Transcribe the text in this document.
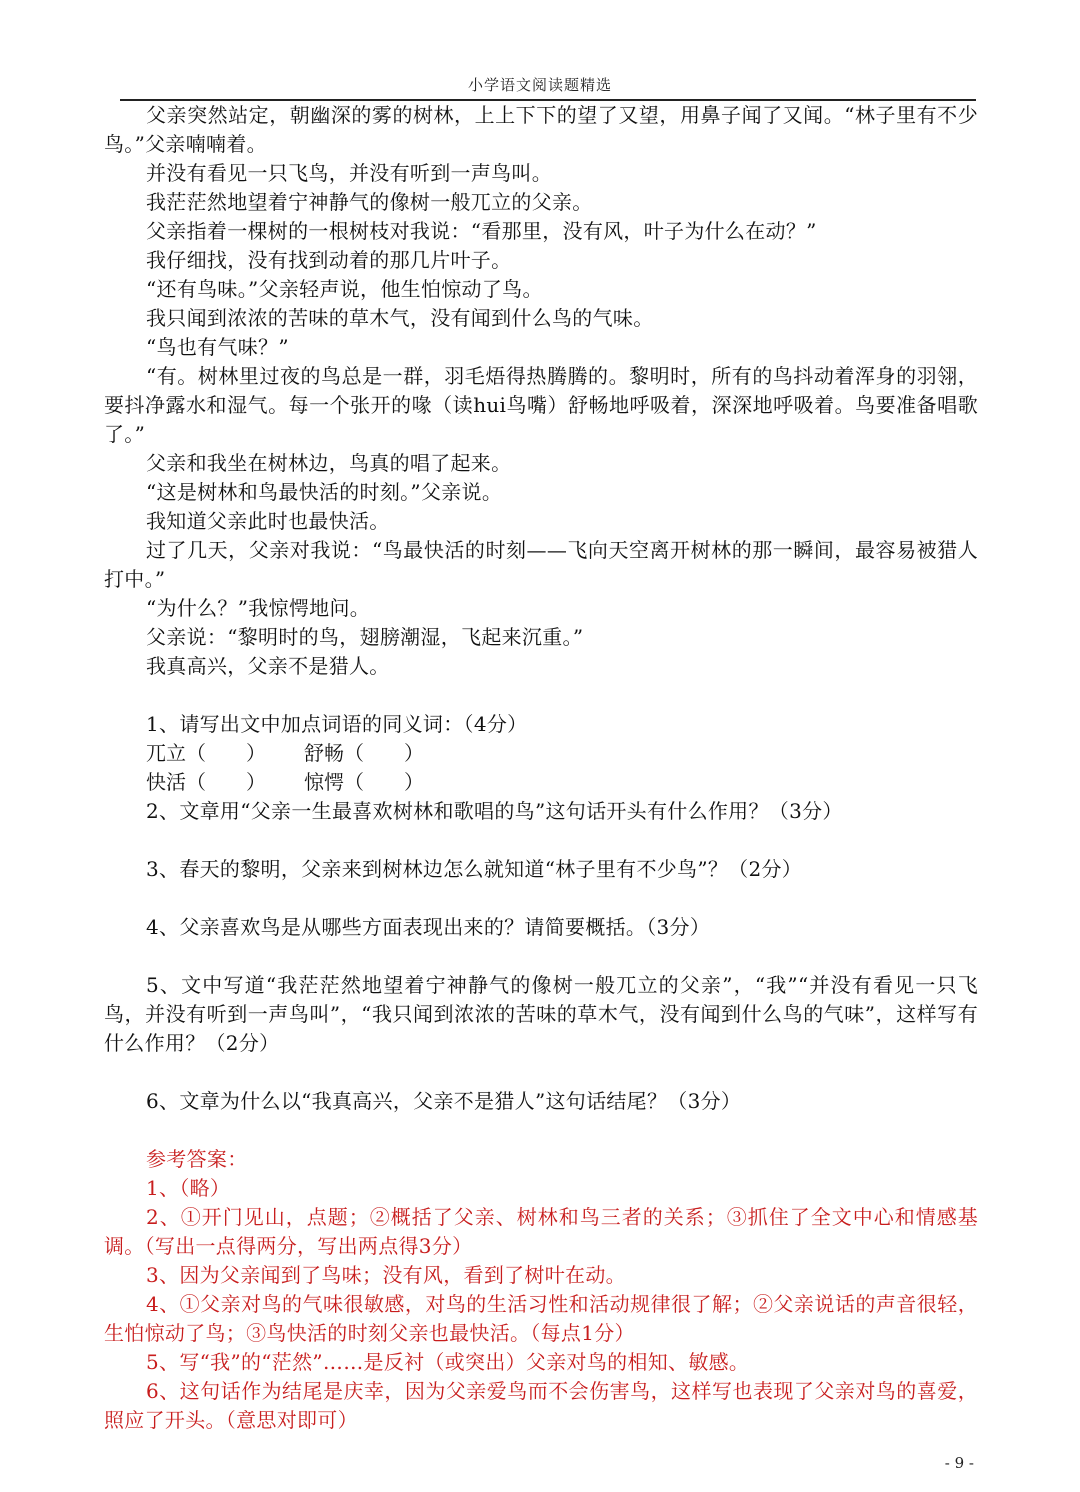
小学语文阅读题精选

父亲突然站定，朝幽深的雾的树林，上上下下的望了又望，用鼻子闻了又闻。“林子里有不少鸟。”父亲喃喃着。

并没有看见一只飞鸟，并没有听到一声鸟叫。

我茫茫然地望着宁神静气的像树一般兀立的父亲。

父亲指着一棵树的一根树枝对我说：“看那里，没有风，叶子为什么在动？”

我仔细找，没有找到动着的那几片叶子。

“还有鸟味。”父亲轻声说，他生怕惊动了鸟。

我只闻到浓浓的苦味的草木气，没有闻到什么鸟的气味。

“鸟也有气味？”

“有。树林里过夜的鸟总是一群，羽毛焐得热腾腾的。黎明时，所有的鸟抖动着浑身的羽翎，要抖净露水和湿气。每一个张开的喙（读hui鸟嘴）舒畅地呼吸着，深深地呼吸着。鸟要准备唱歌了。”

父亲和我坐在树林边，鸟真的唱了起来。

“这是树林和鸟最快活的时刻。”父亲说。

我知道父亲此时也最快活。

过了几天，父亲对我说：“鸟最快活的时刻——飞向天空离开树林的那一瞬间，最容易被猎人打中。”

“为什么？”我惊愕地问。

父亲说：“黎明时的鸟，翅膀潮湿，飞起来沉重。”

我真高兴，父亲不是猎人。

1、请写出文中加点词语的同义词：（4分）

兀立（　　）	舒畅（　　）
快活（　　）	惊愕（　　）

2、文章用“父亲一生最喜欢树林和歌唱的鸟”这句话开头有什么作用？（3分）

3、春天的黎明，父亲来到树林边怎么就知道“林子里有不少鸟”？（2分）

4、父亲喜欢鸟是从哪些方面表现出来的？请简要概括。（3分）

5、文中写道“我茫茫然地望着宁神静气的像树一般兀立的父亲”，“我”“并没有看见一只飞鸟，并没有听到一声鸟叫”，“我只闻到浓浓的苦味的草木气，没有闻到什么鸟的气味”，这样写有什么作用？（2分）

6、文章为什么以“我真高兴，父亲不是猎人”这句话结尾？（3分）

参考答案：

1、（略）

2、①开门见山，点题；②概括了父亲、树林和鸟三者的关系；③抓住了全文中心和情感基调。（写出一点得两分，写出两点得3分）

3、因为父亲闻到了鸟味；没有风，看到了树叶在动。

4、①父亲对鸟的气味很敏感，对鸟的生活习性和活动规律很了解；②父亲说话的声音很轻，生怕惊动了鸟；③鸟快活的时刻父亲也最快活。（每点1分）

5、写“我”的“茫然”……是反衬（或突出）父亲对鸟的相知、敏感。

6、这句话作为结尾是庆幸，因为父亲爱鸟而不会伤害鸟，这样写也表现了父亲对鸟的喜爱，照应了开头。（意思对即可）

- 9 -
